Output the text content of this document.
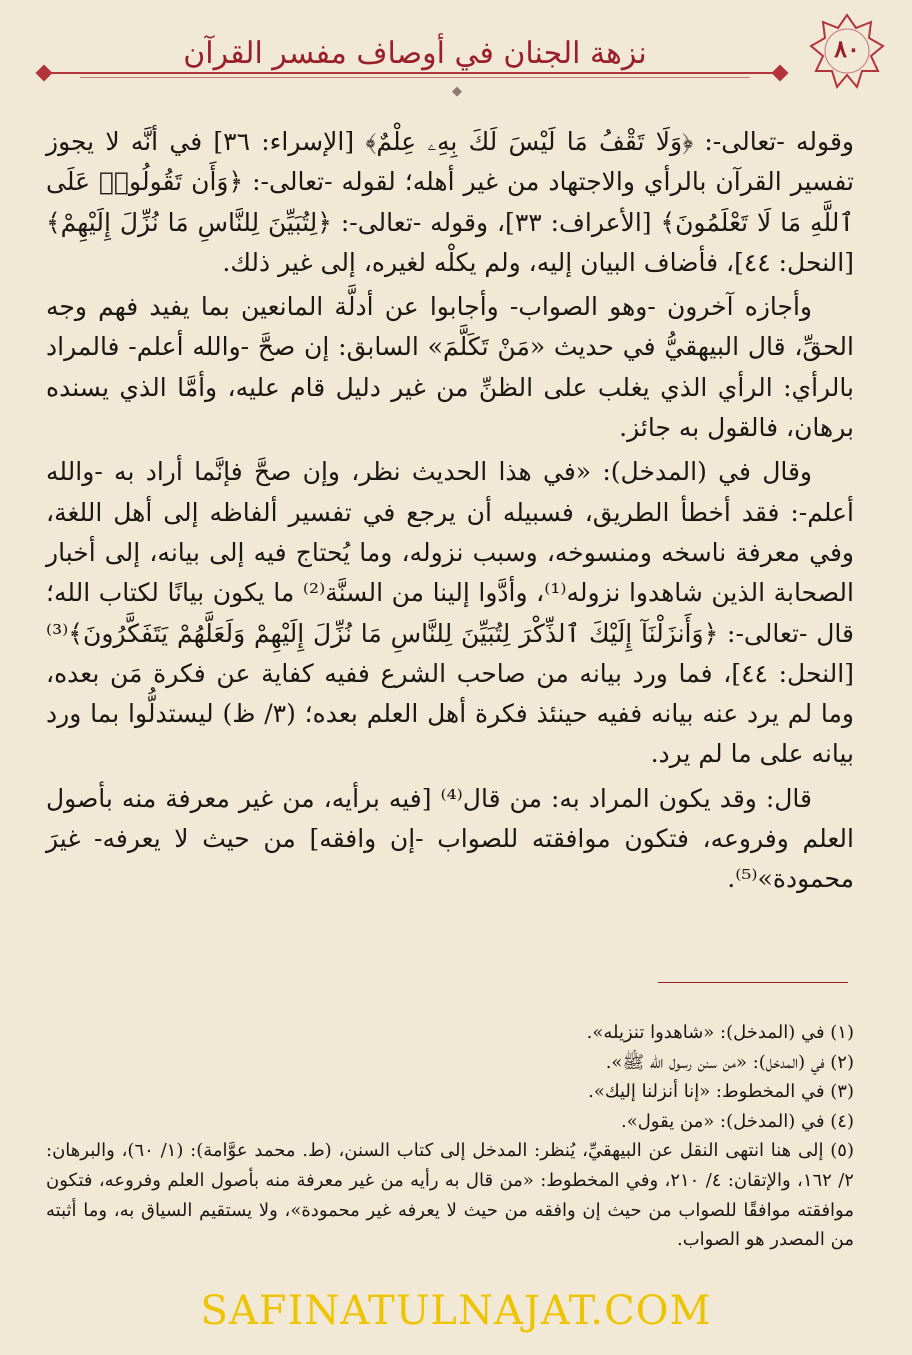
نزهة الجنان في أوصاف مفسر القرآن	٨٠
◆

وقوله -تعالى-: ﴿وَلَا تَقْفُ مَا لَيْسَ لَكَ بِهِۦ عِلْمٌ﴾ [الإسراء: ٣٦] في أنَّه لا يجوز تفسير القرآن بالرأي والاجتهاد من غير أهله؛ لقوله -تعالى-: ﴿وَأَن تَقُولُوا۟ عَلَى ٱللَّهِ مَا لَا تَعْلَمُونَ﴾ [الأعراف: ٣٣]، وقوله -تعالى-: ﴿لِتُبَيِّنَ لِلنَّاسِ مَا نُزِّلَ إِلَيْهِمْ﴾ [النحل: ٤٤]، فأضاف البيان إليه، ولم يكلْه لغيره، إلى غير ذلك.

وأجازه آخرون -وهو الصواب- وأجابوا عن أدلَّة المانعين بما يفيد فهم وجه الحقِّ، قال البيهقيُّ في حديث «مَنْ تَكَلَّمَ» السابق: إن صحَّ -والله أعلم- فالمراد بالرأي: الرأي الذي يغلب على الظنِّ من غير دليل قام عليه، وأمَّا الذي يسنده برهان، فالقول به جائز.

وقال في (المدخل): «في هذا الحديث نظر، وإن صحَّ فإنَّما أراد به -والله أعلم-: فقد أخطأ الطريق، فسبيله أن يرجع في تفسير ألفاظه إلى أهل اللغة، وفي معرفة ناسخه ومنسوخه، وسبب نزوله، وما يُحتاج فيه إلى بيانه، إلى أخبار الصحابة الذين شاهدوا نزوله⁽¹⁾، وأدَّوا إلينا من السنَّة⁽²⁾ ما يكون بيانًا لكتاب الله؛ قال -تعالى-: ﴿وَأَنزَلْنَآ إِلَيْكَ ٱلذِّكْرَ لِتُبَيِّنَ لِلنَّاسِ مَا نُزِّلَ إِلَيْهِمْ وَلَعَلَّهُمْ يَتَفَكَّرُونَ﴾⁽³⁾ [النحل: ٤٤]، فما ورد بيانه من صاحب الشرع ففيه كفاية عن فكرة مَن بعده، وما لم يرد عنه بيانه ففيه حينئذ فكرة أهل العلم بعده؛ (٣/ ظ) ليستدلُّوا بما ورد بيانه على ما لم يرد.

قال: وقد يكون المراد به: من قال⁽⁴⁾ [فيه برأيه، من غير معرفة منه بأصول العلم وفروعه، فتكون موافقته للصواب -إن وافقه] من حيث لا يعرفه- غيرَ محمودة»⁽⁵⁾.

(١) في (المدخل): «شاهدوا تنزيله».
(٢) في (المدخل): «من سنن رسول الله ﷺ».
(٣) في المخطوط: «إنا أنزلنا إليك».
(٤) في (المدخل): «من يقول».
(٥) إلى هنا انتهى النقل عن البيهقيِّ، يُنظر: المدخل إلى كتاب السنن، (ط. محمد عوَّامة): (١/ ٦٠)، والبرهان: ٢/ ١٦٢، والإتقان: ٤/ ٢١٠، وفي المخطوط: «من قال به رأيه من غير معرفة منه بأصول العلم وفروعه، فتكون موافقته موافقًا للصواب من حيث إن وافقه من حيث لا يعرفه غير محمودة»، ولا يستقيم السياق به، وما أثبته من المصدر هو الصواب.
SAFINATULNAJAT.COM
